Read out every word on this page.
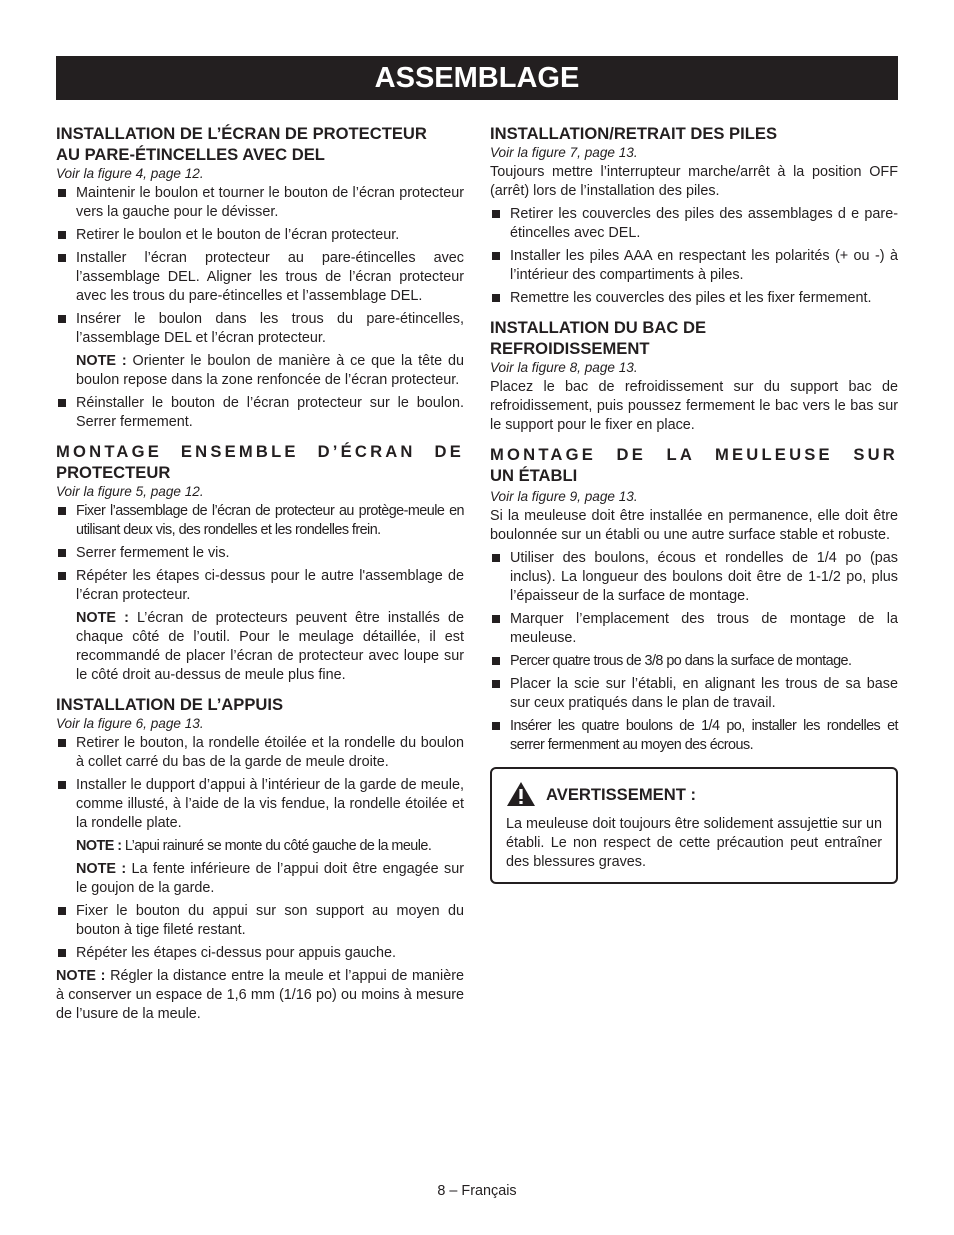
ASSEMBLAGE
INSTALLATION DE L’ÉCRAN DE PROTECTEUR
AU PARE-ÉTINCELLES AVEC DEL
Voir la figure 4, page 12.
Maintenir le boulon et tourner le bouton de l’écran protecteur vers la gauche pour le dévisser.
Retirer le boulon et le bouton de l’écran protecteur.
Installer l’écran protecteur au pare-étincelles avec l’assemblage DEL. Aligner les trous de l’écran protecteur avec les trous du pare-étincelles et l’assemblage DEL.
Insérer le boulon dans les trous du pare-étincelles, l’assemblage DEL et l’écran protecteur.
NOTE : Orienter le boulon de manière à ce que la tête du boulon repose dans la zone renfoncée de l’écran protecteur.
Réinstaller le bouton de l’écran protecteur sur le boulon. Serrer fermement.
MONTAGE ENSEMBLE D’ÉCRAN DE
PROTECTEUR
Voir la figure 5, page 12.
Fixer l’assemblage de l’écran de protecteur au protège-meule en utilisant deux vis, des rondelles et les rondelles frein.
Serrer fermement le vis.
Répéter les étapes ci-dessus pour le autre l'assemblage de l’écran protecteur.
NOTE : L’écran de protecteurs peuvent être installés de chaque côté de l’outil. Pour le meulage détaillée, il est recommandé de placer l’écran de protecteur avec loupe sur le côté droit au-dessus de meule plus fine.
INSTALLATION DE L’APPUIS
Voir la figure 6, page 13.
Retirer le bouton, la rondelle étoilée et la rondelle du boulon à collet carré du bas de la garde de meule droite.
Installer le dupport d’appui à l’intérieur de la garde de meule, comme illusté, à l’aide de la vis fendue, la rondelle étoilée et la rondelle plate.
NOTE : L’apui rainuré se monte du côté gauche de la meule.
NOTE : La fente inférieure de l’appui doit être engagée sur le goujon de la garde.
Fixer le bouton du appui sur son support au moyen du bouton à tige fileté restant.
Répéter les étapes ci-dessus pour appuis gauche.

NOTE : Régler la distance entre la meule et l’appui de manière à conserver un espace de 1,6 mm (1/16 po) ou moins à mesure de l’usure de la meule.

INSTALLATION/RETRAIT DES PILES
Voir la figure 7, page 13.

Toujours mettre l’interrupteur marche/arrêt à la position OFF (arrêt) lors de l’installation des piles.

Retirer les couvercles des piles des assemblages d e pare-étincelles avec DEL.
Installer les piles AAA en respectant les polarités (+ ou -) à l’intérieur des compartiments à piles.
Remettre les couvercles des piles et les fixer fermement.
INSTALLATION DU BAC DE
REFROIDISSEMENT
Voir la figure 8, page 13.

Placez le bac de refroidissement sur du support bac de refroidissement, puis poussez fermement le bac vers le bas sur le support pour le fixer en place.

MONTAGE DE LA MEULEUSE SUR
UN ÉTABLI
Voir la figure 9, page 13.

Si la meuleuse doit être installée en permanence, elle doit être boulonnée sur un établi ou une autre surface stable et robuste.

Utiliser des boulons, écous et rondelles de 1/4 po (pas inclus). La longueur des boulons doit être de 1-1/2 po, plus l’épaisseur de la surface de montage.
Marquer l’emplacement des trous de montage de la meuleuse.
Percer quatre trous de 3/8 po dans la surface de montage.
Placer la scie sur l’établi, en alignant les trous de sa base sur ceux pratiqués dans le plan de travail.
Insérer les quatre boulons de 1/4 po, installer les rondelles et serrer fermenment au moyen des écrous.
AVERTISSEMENT :

La meuleuse doit toujours être solidement assujettie sur un établi. Le non respect de cette précaution peut entraîner des blessures graves.

8 – Français
